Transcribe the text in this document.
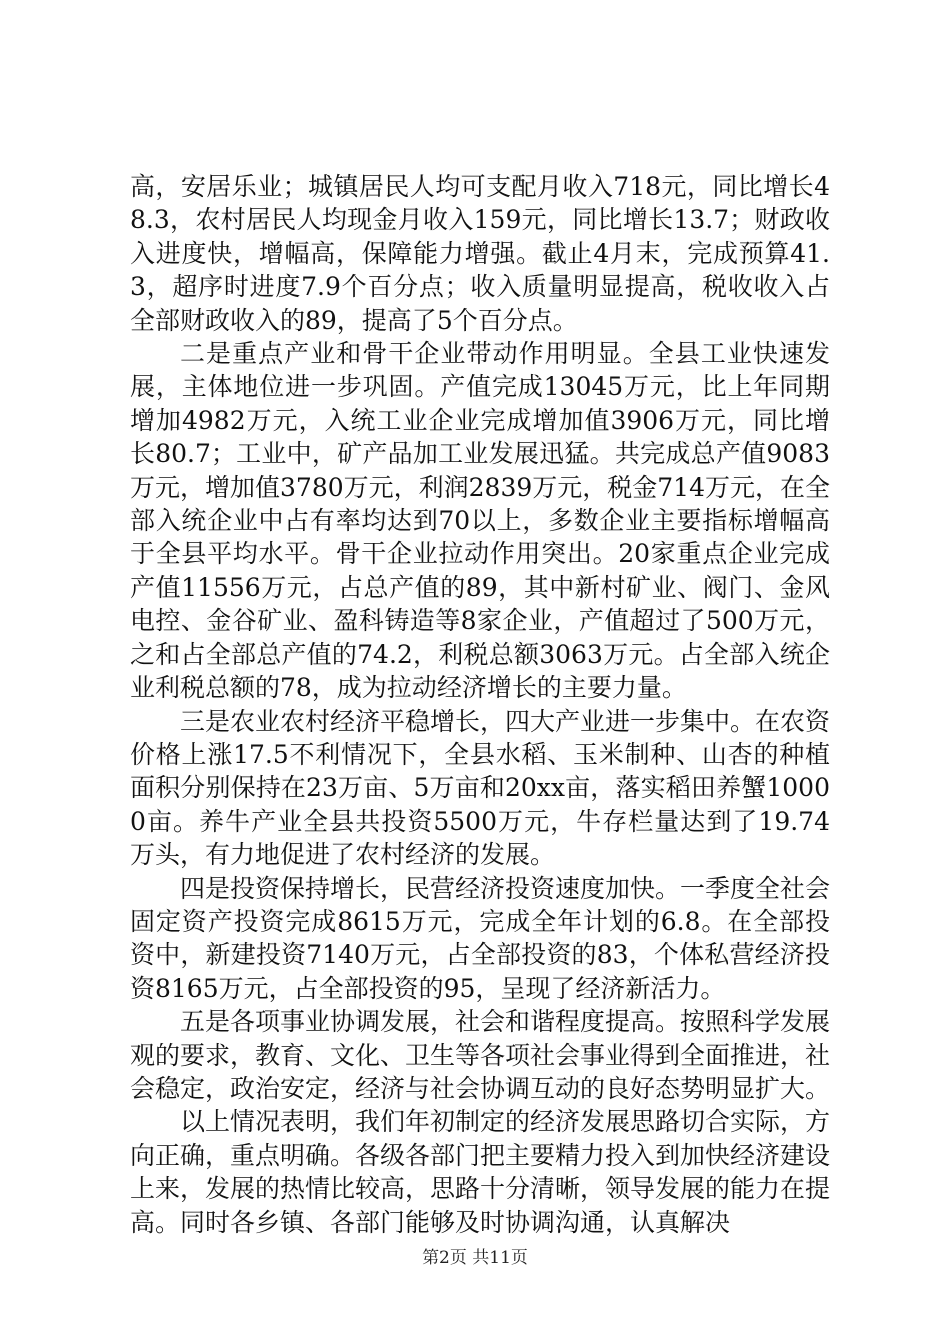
高，安居乐业；城镇居民人均可支配月收入718元，同比增长48.3，农村居民人均现金月收入159元，同比增长13.7；财政收入进度快，增幅高，保障能力增强。截止4月末，完成预算41.3，超序时进度7.9个百分点；收入质量明显提高，税收收入占全部财政收入的89，提高了5个百分点。

二是重点产业和骨干企业带动作用明显。全县工业快速发展，主体地位进一步巩固。产值完成13045万元，比上年同期增加4982万元，入统工业企业完成增加值3906万元，同比增长80.7；工业中，矿产品加工业发展迅猛。共完成总产值9083万元，增加值3780万元，利润2839万元，税金714万元，在全部入统企业中占有率均达到70以上，多数企业主要指标增幅高于全县平均水平。骨干企业拉动作用突出。20家重点企业完成产值11556万元，占总产值的89，其中新村矿业、阀门、金风电控、金谷矿业、盈科铸造等8家企业，产值超过了500万元，之和占全部总产值的74.2，利税总额3063万元。占全部入统企业利税总额的78，成为拉动经济增长的主要力量。

三是农业农村经济平稳增长，四大产业进一步集中。在农资价格上涨17.5不利情况下，全县水稻、玉米制种、山杏的种植面积分别保持在23万亩、5万亩和20xx亩，落实稻田养蟹10000亩。养牛产业全县共投资5500万元，牛存栏量达到了19.74万头，有力地促进了农村经济的发展。

四是投资保持增长，民营经济投资速度加快。一季度全社会固定资产投资完成8615万元，完成全年计划的6.8。在全部投资中，新建投资7140万元，占全部投资的83，个体私营经济投资8165万元，占全部投资的95，呈现了经济新活力。

五是各项事业协调发展，社会和谐程度提高。按照科学发展观的要求，教育、文化、卫生等各项社会事业得到全面推进，社会稳定，政治安定，经济与社会协调互动的良好态势明显扩大。

以上情况表明，我们年初制定的经济发展思路切合实际，方向正确，重点明确。各级各部门把主要精力投入到加快经济建设上来，发展的热情比较高，思路十分清晰，领导发展的能力在提高。同时各乡镇、各部门能够及时协调沟通，认真解决

第2页 共11页
